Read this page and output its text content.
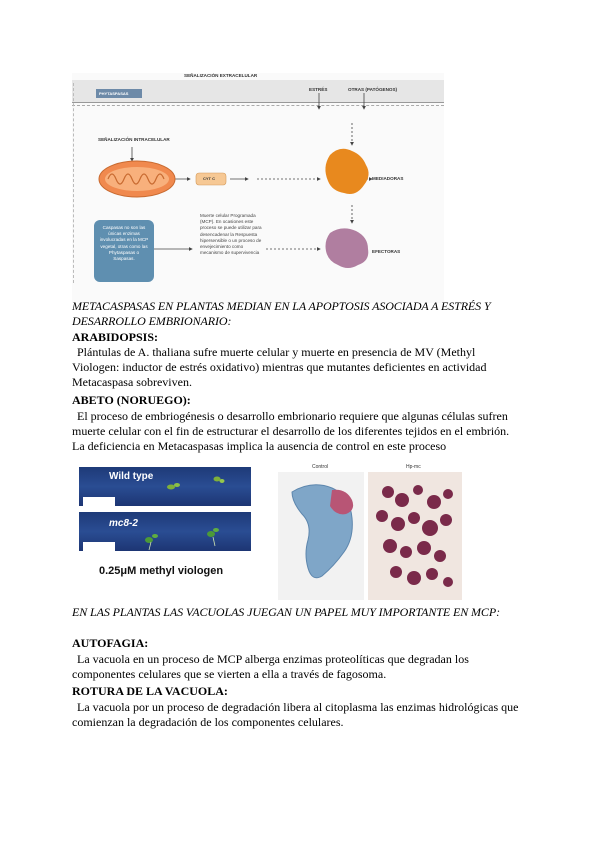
SEÑALIZACIÓN EXTRACELULAR
PHYTASPASAS
ESTRÉS	OTRAS (PATÓGENOS)
SEÑALIZACIÓN INTRACELULAR
CYT C	MEDIADORAS
EFECTORAS
Caspasas no son las únicas enzimas involucradas en la MCP vegetal, otras como las Phytaspasas o Saspasas.
Muerte celular Programada (MCP). En ocasiones este proceso se puede utilizar para desencadenar la Respuesta hipersensible o un proceso de envejecimiento como mecanismo de supervivencia
METACASPASAS EN PLANTAS MEDIAN EN LA APOPTOSIS ASOCIADA A ESTRÉS Y DESARROLLO EMBRIONARIO:
ARABIDOPSIS:
Plántulas de A. thaliana sufre muerte celular y muerte en presencia de MV (Methyl Viologen: inductor de estrés oxidativo) mientras que mutantes deficientes en actividad Metacaspasa sobreviven.
ABETO (NORUEGO):
El proceso de embriogénesis o desarrollo embrionario requiere que algunas células sufren muerte celular con el fin de estructurar el desarrollo de los diferentes tejidos en el embrión. La deficiencia en Metacaspasas implica la ausencia de control en este proceso
Wild type
mc8-2
0.25μM methyl viologen
Control	Hp-mc
EN LAS PLANTAS LAS VACUOLAS JUEGAN UN PAPEL MUY IMPORTANTE EN MCP:
AUTOFAGIA:
La vacuola en un proceso de MCP alberga enzimas proteolíticas que degradan los componentes celulares que se vierten a ella a través de fagosoma.
ROTURA DE LA VACUOLA:
La vacuola por un proceso de degradación libera al citoplasma las enzimas hidrológicas que comienzan la degradación de los componentes celulares.
